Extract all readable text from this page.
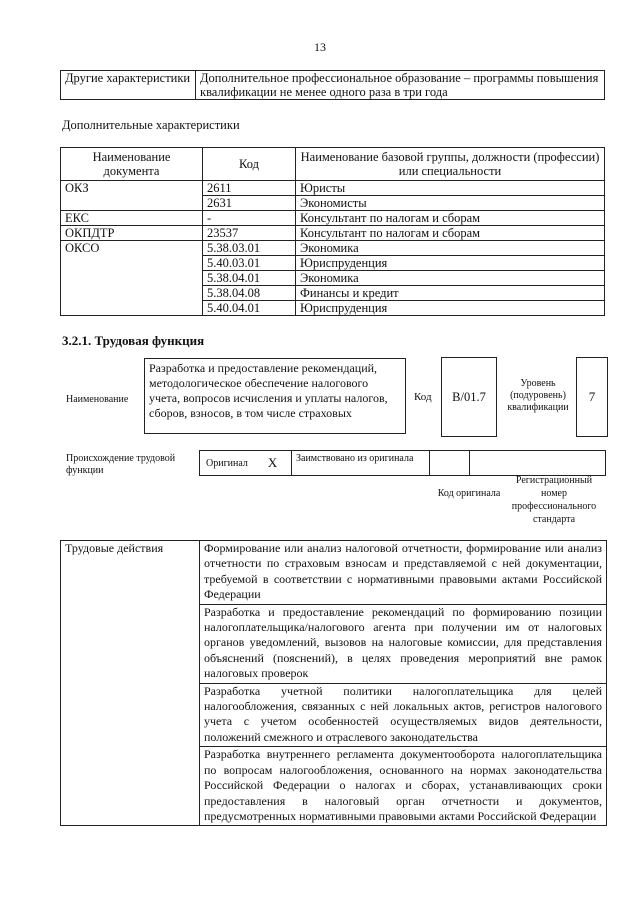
13
Другие характеристики	Дополнительное профессиональное образование – программы повышения квалификации не менее одного раза в три года
Дополнительные характеристики
Наименование документа	Код	Наименование базовой группы, должности (профессии) или специальности
ОКЗ	2611	Юристы
	2631	Экономисты
ЕКС	-	Консультант по налогам и сборам
ОКПДТР	23537	Консультант по налогам и сборам
ОКСО	5.38.03.01	Экономика
	5.40.03.01	Юриспруденция
	5.38.04.01	Экономика
	5.38.04.08	Финансы и кредит
	5.40.04.01	Юриспруденция
3.2.1. Трудовая функция
Наименование
Разработка и предоставление рекомендаций, методологическое обеспечение налогового учета, вопросов исчисления и уплаты налогов, сборов, взносов, в том числе страховых
Код	B/01.7
Уровень (подуровень) квалификации
7
Происхождение трудовой функции
Оригинал X	Заимствовано из оригинала
Код оригинала
Регистрационный номер профессионального стандарта
Трудовые действия	Формирование или анализ налоговой отчетности, формирование или анализ отчетности по страховым взносам и представляемой с ней документации, требуемой в соответствии с нормативными правовыми актами Российской Федерации
	Разработка и предоставление рекомендаций по формированию позиции налогоплательщика/налогового агента при получении им от налоговых органов уведомлений, вызовов на налоговые комиссии, для представления объяснений (пояснений), в целях проведения мероприятий вне рамок налоговых проверок
	Разработка учетной политики налогоплательщика для целей налогообложения, связанных с ней локальных актов, регистров налогового учета с учетом особенностей осуществляемых видов деятельности, положений смежного и отраслевого законодательства
	Разработка внутреннего регламента документооборота налогоплательщика по вопросам налогообложения, основанного на нормах законодательства Российской Федерации о налогах и сборах, устанавливающих сроки предоставления в налоговый орган отчетности и документов, предусмотренных нормативными правовыми актами Российской Федерации
